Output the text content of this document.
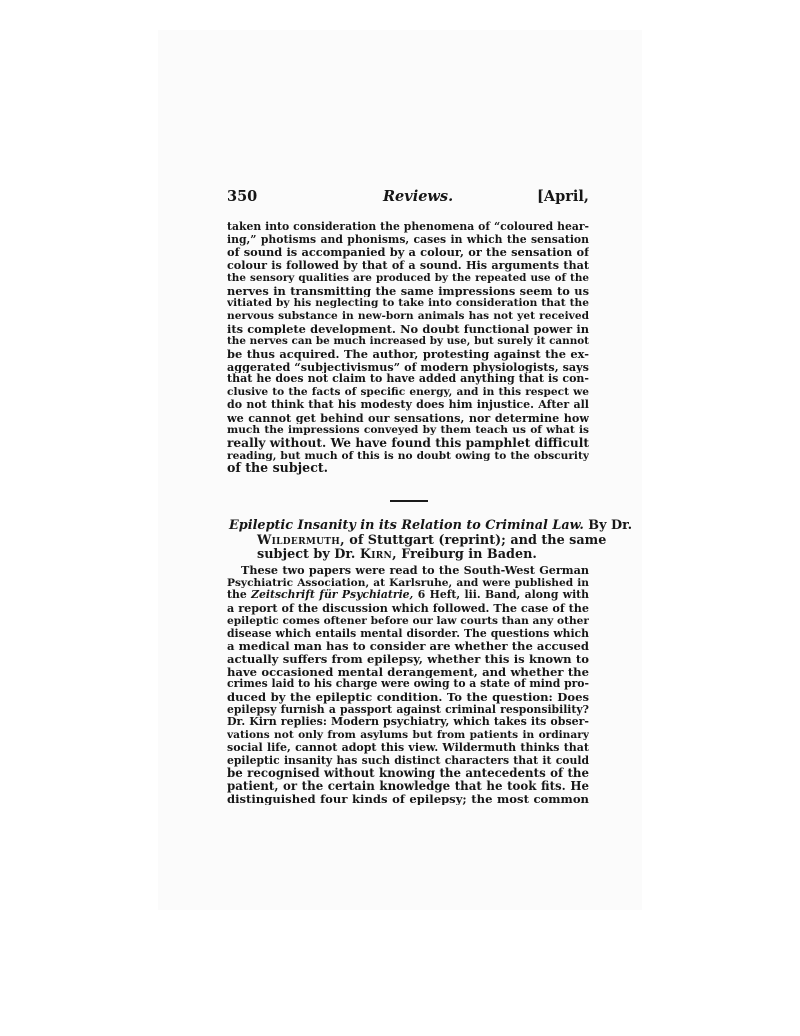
350	Reviews.	[April,
taken into consideration the phenomena of “coloured hear-
ing,” photisms and phonisms, cases in which the sensation
of sound is accompanied by a colour, or the sensation of
colour is followed by that of a sound. His arguments that
the sensory qualities are produced by the repeated use of the
nerves in transmitting the same impressions seem to us
vitiated by his neglecting to take into consideration that the
nervous substance in new-born animals has not yet received
its complete development. No doubt functional power in
the nerves can be much increased by use, but surely it cannot
be thus acquired. The author, protesting against the ex-
aggerated “subjectivismus” of modern physiologists, says
that he does not claim to have added anything that is con-
clusive to the facts of specific energy, and in this respect we
do not think that his modesty does him injustice. After all
we cannot get behind our sensations, nor determine how
much the impressions conveyed by them teach us of what is
really without. We have found this pamphlet difficult
reading, but much of this is no doubt owing to the obscurity
of the subject.
Epileptic Insanity in its Relation to Criminal Law. By Dr.
Wildermuth, of Stuttgart (reprint); and the same
subject by Dr. Kirn, Freiburg in Baden.
These two papers were read to the South-West German
Psychiatric Association, at Karlsruhe, and were published in
the Zeitschrift für Psychiatrie, 6 Heft, lii. Band, along with
a report of the discussion which followed. The case of the
epileptic comes oftener before our law courts than any other
disease which entails mental disorder. The questions which
a medical man has to consider are whether the accused
actually suffers from epilepsy, whether this is known to
have occasioned mental derangement, and whether the
crimes laid to his charge were owing to a state of mind pro-
duced by the epileptic condition. To the question: Does
epilepsy furnish a passport against criminal responsibility?
Dr. Kirn replies: Modern psychiatry, which takes its obser-
vations not only from asylums but from patients in ordinary
social life, cannot adopt this view. Wildermuth thinks that
epileptic insanity has such distinct characters that it could
be recognised without knowing the antecedents of the
patient, or the certain knowledge that he took fits. He
distinguished four kinds of epilepsy; the most common
